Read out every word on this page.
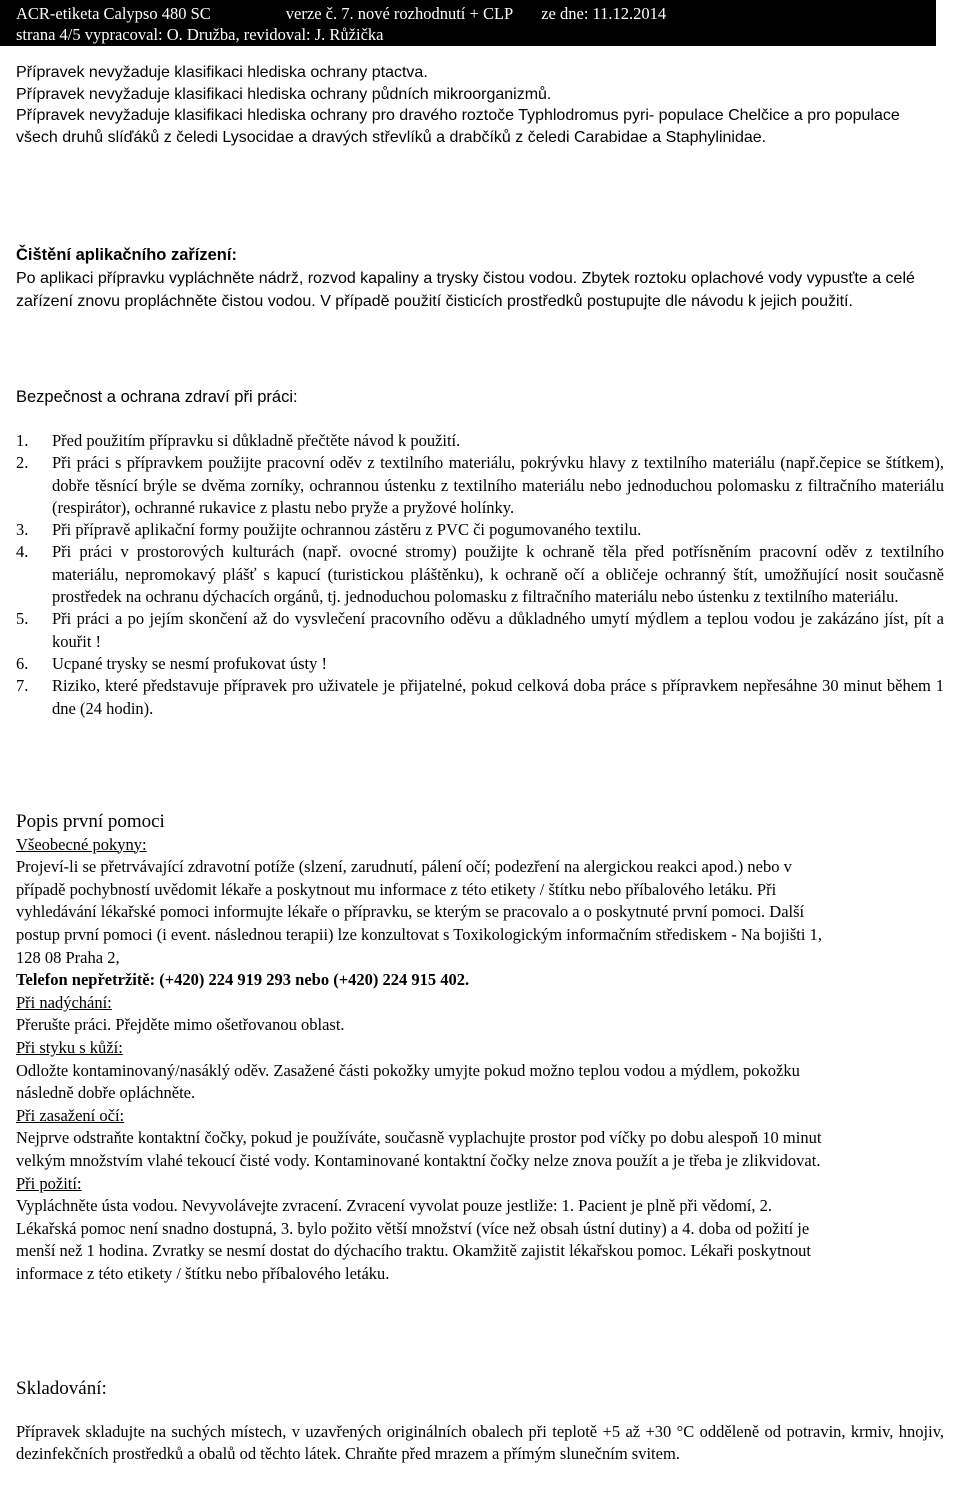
ACR-etiketa Calypso 480 SC	verze č. 7. nové rozhodnutí + CLP ze dne: 11.12.2014
strana 4/5 vypracoval: O. Družba, revidoval: J. Růžička

Přípravek nevyžaduje klasifikaci hlediska ochrany ptactva.

Přípravek nevyžaduje klasifikaci hlediska ochrany půdních mikroorganizmů.

Přípravek nevyžaduje klasifikaci hlediska ochrany pro dravého roztoče Typhlodromus pyri- populace Chelčice a pro populace všech druhů slíďáků z čeledi Lysocidae a dravých střevlíků a drabčíků z čeledi Carabidae a Staphylinidae.

Čištění aplikačního zařízení:

Po aplikaci přípravku vypláchněte nádrž, rozvod kapaliny a trysky čistou vodou. Zbytek roztoku oplachové vody vypusťte a celé zařízení znovu propláchněte čistou vodou. V případě použití čisticích prostředků postupujte dle návodu k jejich použití.

Bezpečnost a ochrana zdraví při práci:
1. Před použitím přípravku si důkladně přečtěte návod k použití.
2. Při práci s přípravkem použijte pracovní oděv z textilního materiálu, pokrývku hlavy z textilního materiálu (např.čepice se štítkem), dobře těsnící brýle se dvěma zorníky, ochrannou ústenku z textilního materiálu nebo jednoduchou polomasku z filtračního materiálu (respirátor), ochranné rukavice z plastu nebo pryže a pryžové holínky.
3. Při přípravě aplikační formy použijte ochrannou zástěru z PVC či pogumovaného textilu.
4. Při práci v prostorových kulturách (např. ovocné stromy) použijte k ochraně těla před potřísněním pracovní oděv z textilního materiálu, nepromokavý plášť s kapucí (turistickou pláštěnku), k ochraně očí a obličeje ochranný štít, umožňující nosit současně prostředek na ochranu dýchacích orgánů, tj. jednoduchou polomasku z filtračního materiálu nebo ústenku z textilního materiálu.
5. Při práci a po jejím skončení až do vysvlečení pracovního oděvu a důkladného umytí mýdlem a teplou vodou je zakázáno jíst, pít a kouřit !
6. Ucpané trysky se nesmí profukovat ústy !
7. Riziko, které představuje přípravek pro uživatele je přijatelné, pokud celková doba práce s přípravkem nepřesáhne 30 minut během 1 dne (24 hodin).
Popis první pomoci
Všeobecné pokyny:

Projeví-li se přetrvávající zdravotní potíže (slzení, zarudnutí, pálení očí; podezření na alergickou reakci apod.) nebo v případě pochybností uvědomit lékaře a poskytnout mu informace z této etikety / štítku nebo příbalového letáku. Při vyhledávání lékařské pomoci informujte lékaře o přípravku, se kterým se pracovalo a o poskytnuté první pomoci. Další postup první pomoci (i event. následnou terapii) lze konzultovat s Toxikologickým informačním střediskem - Na bojišti 1, 128 08 Praha 2,

Telefon nepřetržitě: (+420) 224 919 293 nebo (+420) 224 915 402.

Při nadýchání:

Přerušte práci. Přejděte mimo ošetřovanou oblast.

Při styku s kůží:

Odložte kontaminovaný/nasáklý oděv. Zasažené části pokožky umyjte pokud možno teplou vodou a mýdlem, pokožku následně dobře opláchněte.

Při zasažení očí:

Nejprve odstraňte kontaktní čočky, pokud je používáte, současně vyplachujte prostor pod víčky po dobu alespoň 10 minut velkým množstvím vlahé tekoucí čisté vody. Kontaminované kontaktní čočky nelze znova použít a je třeba je zlikvidovat.

Při požití:

Vypláchněte ústa vodou. Nevyvolávejte zvracení. Zvracení vyvolat pouze jestliže: 1. Pacient je plně při vědomí, 2. Lékařská pomoc není snadno dostupná, 3. bylo požito větší množství (více než obsah ústní dutiny) a 4. doba od požití je menší než 1 hodina. Zvratky se nesmí dostat do dýchacího traktu. Okamžitě zajistit lékařskou pomoc. Lékaři poskytnout informace z této etikety / štítku nebo příbalového letáku.

Skladování:

Přípravek skladujte na suchých místech, v uzavřených originálních obalech při teplotě +5 až +30 °C odděleně od potravin, krmiv, hnojiv, dezinfekčních prostředků a obalů od těchto látek. Chraňte před mrazem a přímým slunečním svitem.
